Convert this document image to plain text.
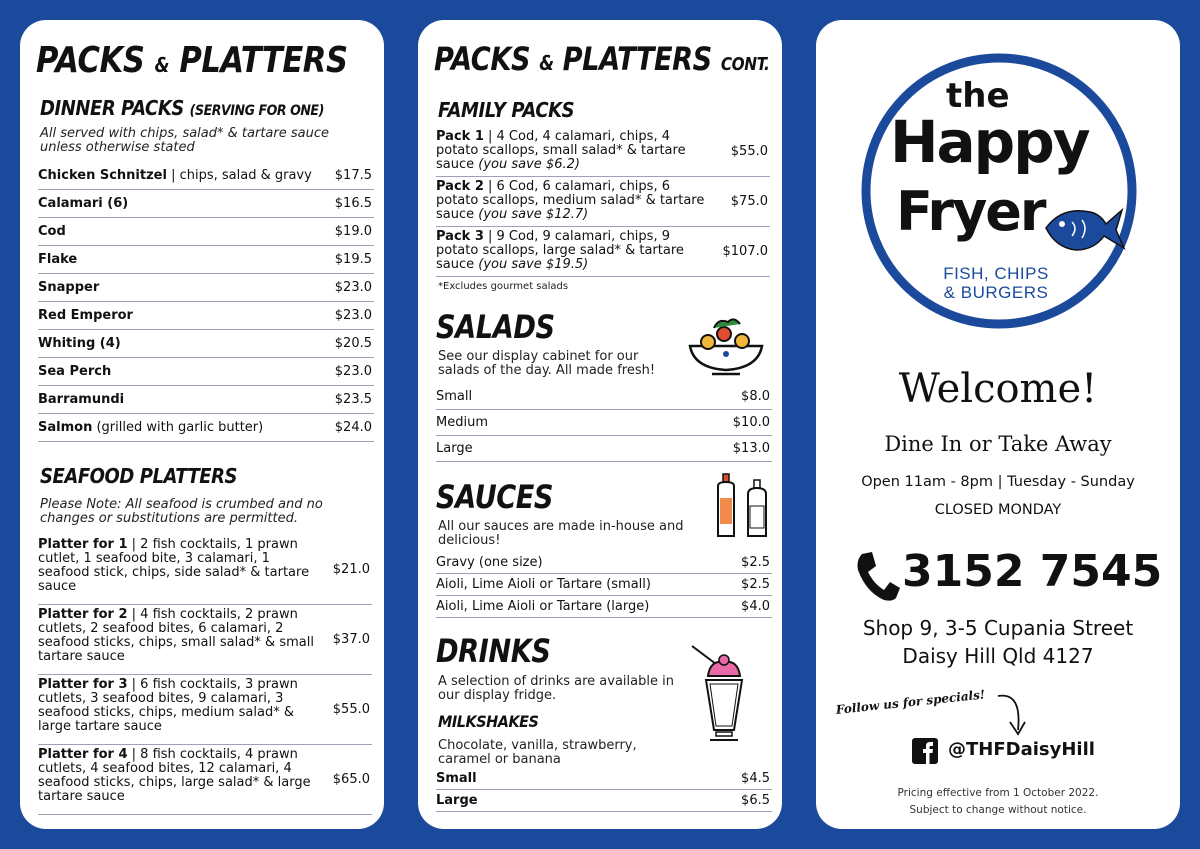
PACKS & PLATTERS
DINNER PACKS (SERVING FOR ONE)
All served with chips, salad* & tartare sauce unless otherwise stated
Chicken Schnitzel | chips, salad & gravy $17.5
Calamari (6)	$16.5
Cod	$19.0
Flake	$19.5
Snapper	$23.0
Red Emperor	$23.0
Whiting (4)	$20.5
Sea Perch	$23.0
Barramundi	$23.5
Salmon (grilled with garlic butter)	$24.0
SEAFOOD PLATTERS
Please Note: All seafood is crumbed and no changes or substitutions are permitted.
Platter for 1 | 2 fish cocktails, 1 prawn cutlet, 1 seafood bite, 3 calamari, 1 seafood stick, chips, side salad* & tartare sauce
$21.0
Platter for 2 | 4 fish cocktails, 2 prawn cutlets, 2 seafood bites, 6 calamari, 2 seafood sticks, chips, small salad* & small tartare sauce
$37.0
Platter for 3 | 6 fish cocktails, 3 prawn cutlets, 3 seafood bites, 9 calamari, 3 seafood sticks, chips, medium salad* & large tartare sauce
$55.0
Platter for 4 | 8 fish cocktails, 4 prawn cutlets, 4 seafood bites, 12 calamari, 4 seafood sticks, chips, large salad* & large tartare sauce
$65.0
PACKS & PLATTERS CONT.
FAMILY PACKS
Pack 1 | 4 Cod, 4 calamari, chips, 4 potato scallops, small salad* & tartare sauce (you save $6.2)
$55.0
Pack 2 | 6 Cod, 6 calamari, chips, 6 potato scallops, medium salad* & tartare sauce (you save $12.7)
$75.0
Pack 3 | 9 Cod, 9 calamari, chips, 9 potato scallops, large salad* & tartare sauce (you save $19.5)
$107.0
*Excludes gourmet salads
SALADS
See our display cabinet for our salads of the day. All made fresh!
Small	$8.0
Medium	$10.0
Large	$13.0
SAUCES
All our sauces are made in-house and delicious!
Gravy (one size)	$2.5
Aioli, Lime Aioli or Tartare (small)	$2.5
Aioli, Lime Aioli or Tartare (large)	$4.0
DRINKS
A selection of drinks are available in our display fridge.
MILKSHAKES
Chocolate, vanilla, strawberry, caramel or banana
Small	$4.5
Large	$6.5
the
Happy
Fryer
FISH, CHIPS
& BURGERS
Welcome!
Dine In or Take Away
Open 11am - 8pm | Tuesday - Sunday
CLOSED MONDAY
3152 7545
Shop 9, 3-5 Cupania Street
Daisy Hill Qld 4127
Follow us for specials!
@THFDaisyHill
Pricing effective from 1 October 2022.
Subject to change without notice.
